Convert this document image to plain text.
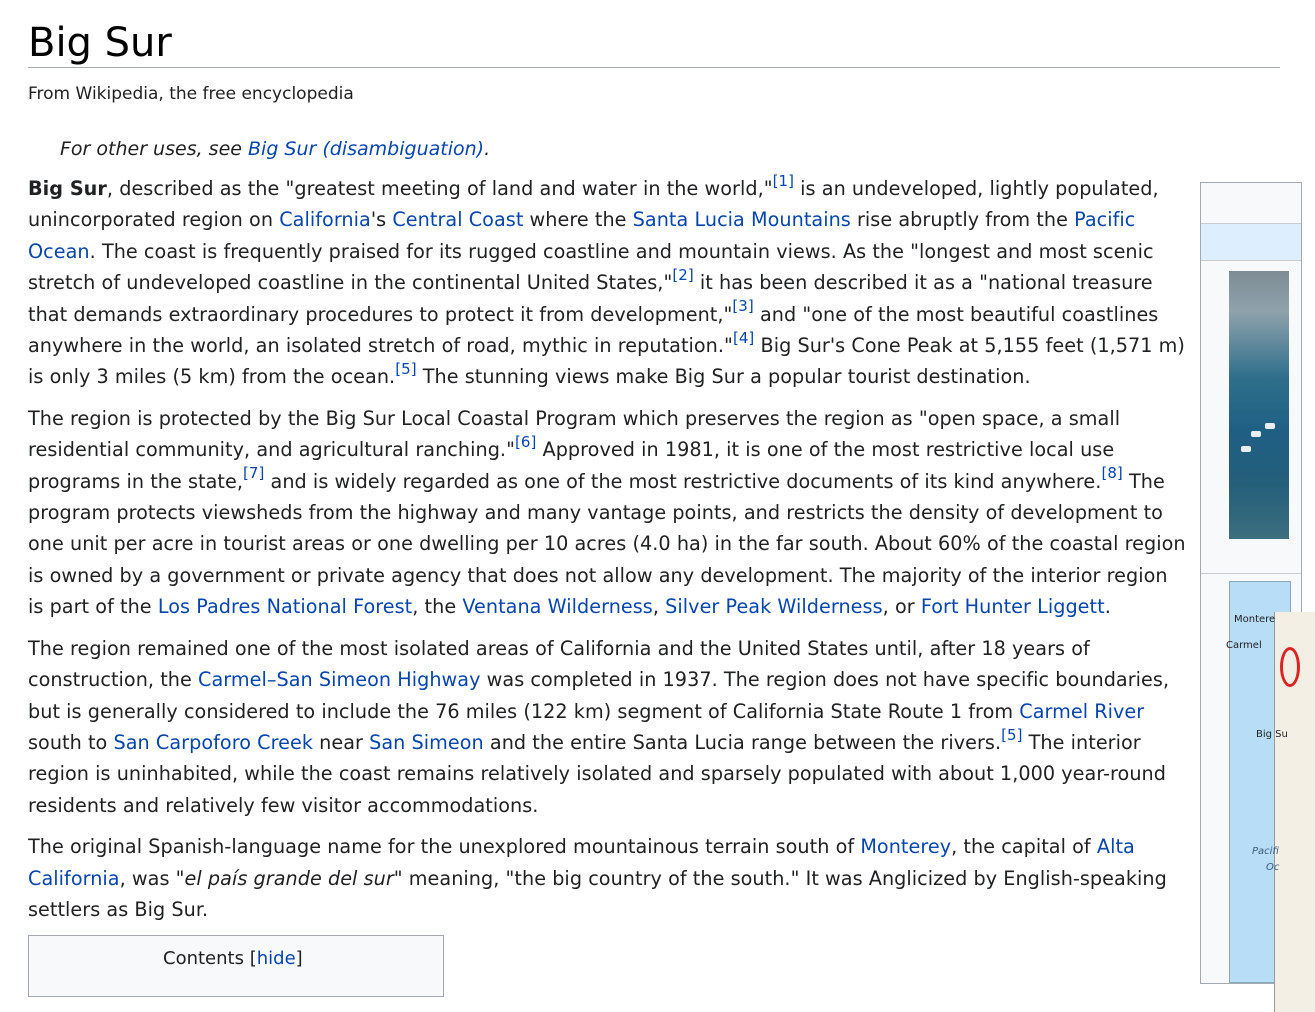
Big Sur
From Wikipedia, the free encyclopedia
For other uses, see Big Sur (disambiguation).

Big Sur, described as the "greatest meeting of land and water in the world,"[1] is an undeveloped, lightly populated, unincorporated region on California's Central Coast where the Santa Lucia Mountains rise abruptly from the Pacific Ocean. The coast is frequently praised for its rugged coastline and mountain views. As the "longest and most scenic stretch of undeveloped coastline in the continental United States,"[2] it has been described it as a "national treasure that demands extraordinary procedures to protect it from development,"[3] and "one of the most beautiful coastlines anywhere in the world, an isolated stretch of road, mythic in reputation."[4] Big Sur's Cone Peak at 5,155 feet (1,571 m) is only 3 miles (5 km) from the ocean.[5] The stunning views make Big Sur a popular tourist destination.

The region is protected by the Big Sur Local Coastal Program which preserves the region as "open space, a small residential community, and agricultural ranching."[6] Approved in 1981, it is one of the most restrictive local use programs in the state,[7] and is widely regarded as one of the most restrictive documents of its kind anywhere.[8] The program protects viewsheds from the highway and many vantage points, and restricts the density of development to one unit per acre in tourist areas or one dwelling per 10 acres (4.0 ha) in the far south. About 60% of the coastal region is owned by a government or private agency that does not allow any development. The majority of the interior region is part of the Los Padres National Forest, the Ventana Wilderness, Silver Peak Wilderness, or Fort Hunter Liggett.

The region remained one of the most isolated areas of California and the United States until, after 18 years of construction, the Carmel–San Simeon Highway was completed in 1937. The region does not have specific boundaries, but is generally considered to include the 76 miles (122 km) segment of California State Route 1 from Carmel River south to San Carpoforo Creek near San Simeon and the entire Santa Lucia range between the rivers.[5] The interior region is uninhabited, while the coast remains relatively isolated and sparsely populated with about 1,000 year-round residents and relatively few visitor accommodations.

The original Spanish-language name for the unexplored mountainous terrain south of Monterey, the capital of Alta California, was "el país grande del sur" meaning, "the big country of the south." It was Anglicized by English-speaking settlers as Big Sur.

Contents [hide]
Montere
Carmel
Big Su
Pacifi
Oc
